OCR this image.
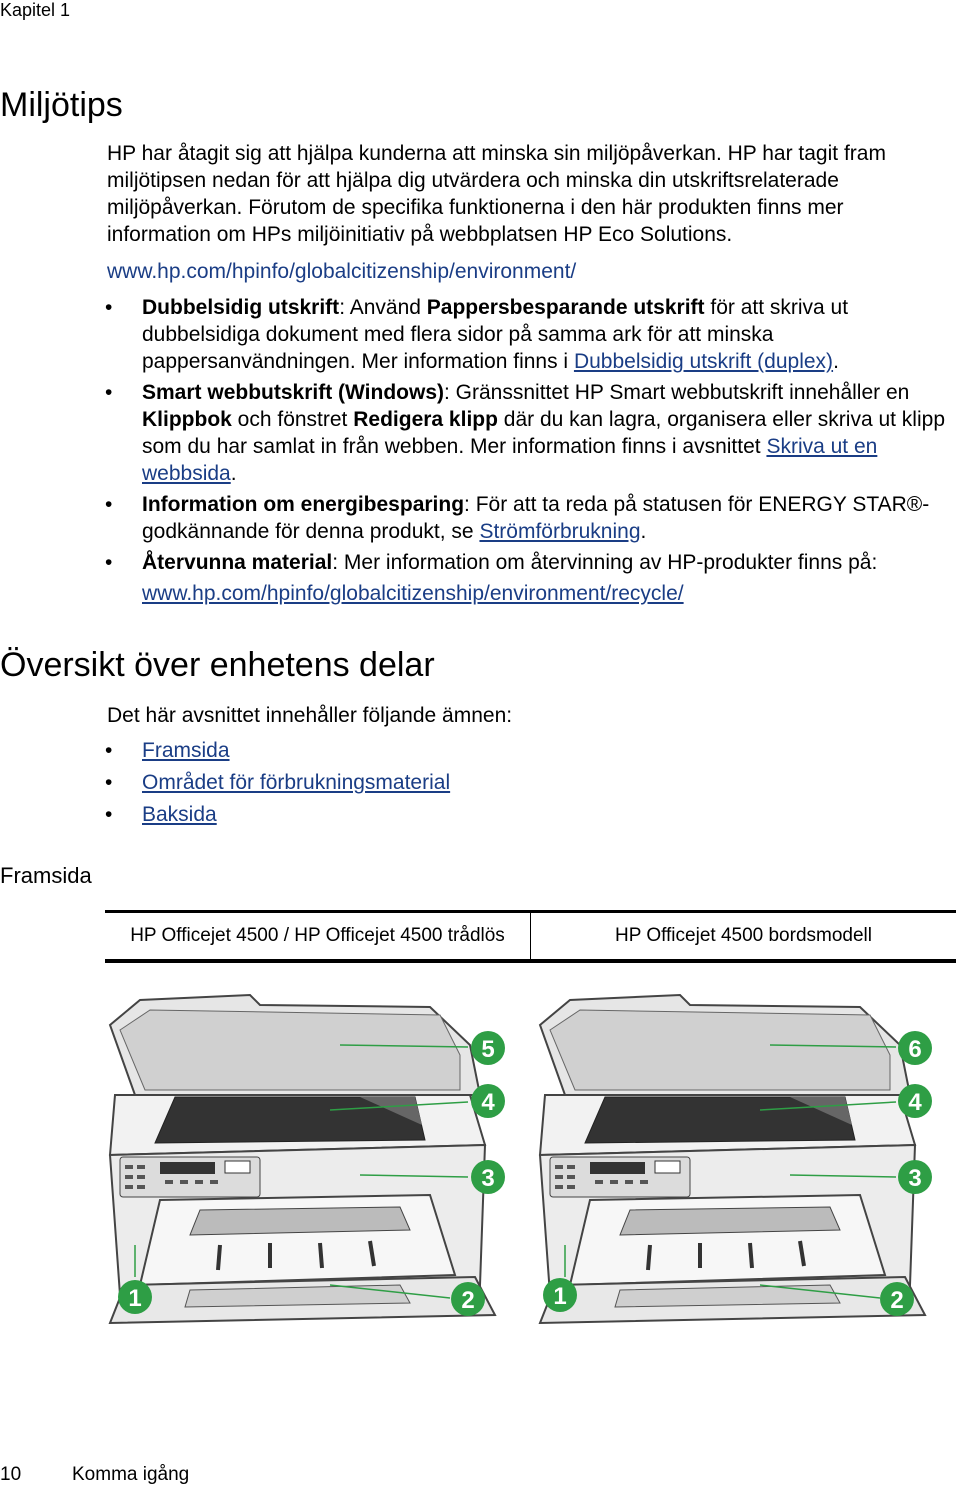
Kapitel 1
Miljötips

HP har åtagit sig att hjälpa kunderna att minska sin miljöpåverkan. HP har tagit fram miljötipsen nedan för att hjälpa dig utvärdera och minska din utskriftsrelaterade miljöpåverkan. Förutom de specifika funktionerna i den här produkten finns mer information om HPs miljöinitiativ på webbplatsen HP Eco Solutions.

www.hp.com/hpinfo/globalcitizenship/environment/
• Dubbelsidig utskrift: Använd Pappersbesparande utskrift för att skriva ut dubbelsidiga dokument med flera sidor på samma ark för att minska pappersanvändningen. Mer information finns i Dubbelsidig utskrift (duplex).
• Smart webbutskrift (Windows): Gränssnittet HP Smart webbutskrift innehåller en Klippbok och fönstret Redigera klipp där du kan lagra, organisera eller skriva ut klipp som du har samlat in från webben. Mer information finns i avsnittet Skriva ut en webbsida.
• Information om energibesparing: För att ta reda på statusen för ENERGY STAR®-godkännande för denna produkt, se Strömförbrukning.
• Återvunna material: Mer information om återvinning av HP-produkter finns på:
www.hp.com/hpinfo/globalcitizenship/environment/recycle/
Översikt över enhetens delar

Det här avsnittet innehåller följande ämnen:

• Framsida
• Området för förbrukningsmaterial
• Baksida
Framsida
HP Officejet 4500 / HP Officejet 4500 trådlös	HP Officejet 4500 bordsmodell
5
4
3
1	2
6
4
3
1	2
10	Komma igång
